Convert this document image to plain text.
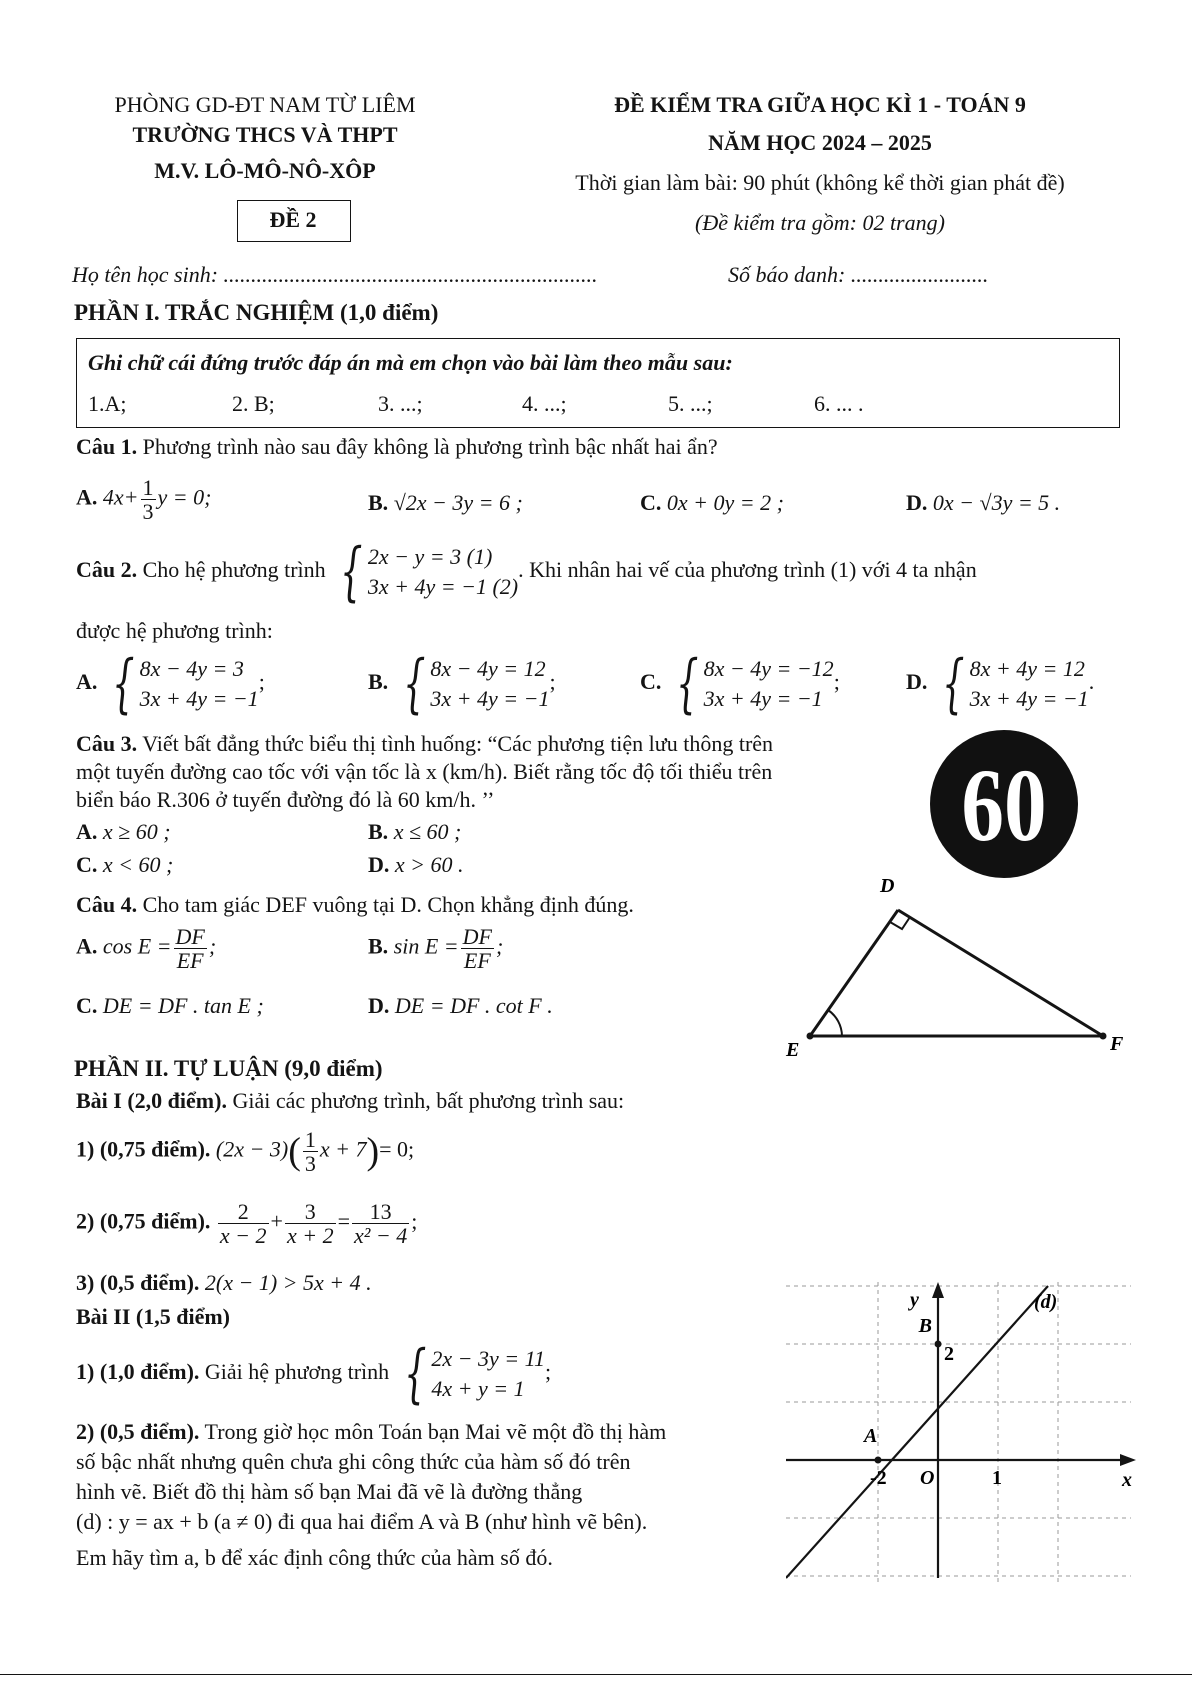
PHÒNG GD-ĐT NAM TỪ LIÊM
TRƯỜNG THCS VÀ THPT
M.V. LÔ-MÔ-NÔ-XÔP
ĐỀ 2
ĐỀ KIỂM TRA GIỮA HỌC KÌ 1 - TOÁN 9
NĂM HỌC 2024 – 2025
Thời gian làm bài: 90 phút (không kể thời gian phát đề)
(Đề kiểm tra gồm: 02 trang)
Họ tên học sinh: ....................................................................	Số báo danh: .........................
PHẦN I. TRẮC NGHIỆM (1,0 điểm)
Ghi chữ cái đứng trước đáp án mà em chọn vào bài làm theo mẫu sau:
1.A;	2. B;	3. ...;	4. ...;	5. ...;	6. ... .
Câu 1. Phương trình nào sau đây không là phương trình bậc nhất hai ẩn?
A. $4x+ \frac{1}{3}$ y = 0;	B. √2x − 3y = 6 ;	C. 0x + 0y = 2 ;	D. 0x − √3y = 5 .
Câu 2. Cho hệ phương trình { 2x − y = 3 (1)
3x + 4y = −1 (2)
. Khi nhân hai vế của phương trình (1) với 4 ta nhận
được hệ phương trình:
A. { 8x − 4y = 3
3x + 4y = −1
;	B. { 8x − 4y = 12
3x + 4y = −1
;	C. { 8x − 4y = −12
3x + 4y = −1
;	D. { 8x + 4y = 12
3x + 4y = −1
.
Câu 3. Viết bất đẳng thức biểu thị tình huống: “Các phương tiện lưu thông trên
một tuyến đường cao tốc với vận tốc là x (km/h). Biết rằng tốc độ tối thiểu trên
biển báo R.306 ở tuyến đường đó là 60 km/h. ’’
A. x ≥ 60 ;	B. x ≤ 60 ;
C. x < 60 ;	D. x > 60 .
60
Câu 4. Cho tam giác DEF vuông tại D. Chọn khẳng định đúng.
A. $\cos E = \frac{DF}{EF}$ ;	B. $\sin E = \frac{DF}{EF}$ ;
C. DE = DF . tan E ;	D. DE = DF . cot F .
D
E	F
PHẦN II. TỰ LUẬN (9,0 điểm)
Bài I (2,0 điểm). Giải các phương trình, bất phương trình sau:
1) (0,75 điểm). $(2x - 3)( \frac{1}{3}$ x + 7)= 0;
2) (0,75 điểm). $\frac{2}{x - 2} + \frac{3}{x + 2} = \frac{13}{\text{x² − 4}}$ ;
3) (0,5 điểm). 2(x − 1) > 5x + 4 .
Bài II (1,5 điểm)
1) (1,0 điểm). Giải hệ phương trình { 2x − 3y = 11
4x + y = 1
;
2) (0,5 điểm). Trong giờ học môn Toán bạn Mai vẽ một đồ thị hàm
số bậc nhất nhưng quên chưa ghi công thức của hàm số đó trên
hình vẽ. Biết đồ thị hàm số bạn Mai đã vẽ là đường thẳng
(d) : y = ax + b (a ≠ 0) đi qua hai điểm A và B (như hình vẽ bên).
Em hãy tìm a, b để xác định công thức của hàm số đó.
y
x
(d)
B
2
A
-2 O	1
